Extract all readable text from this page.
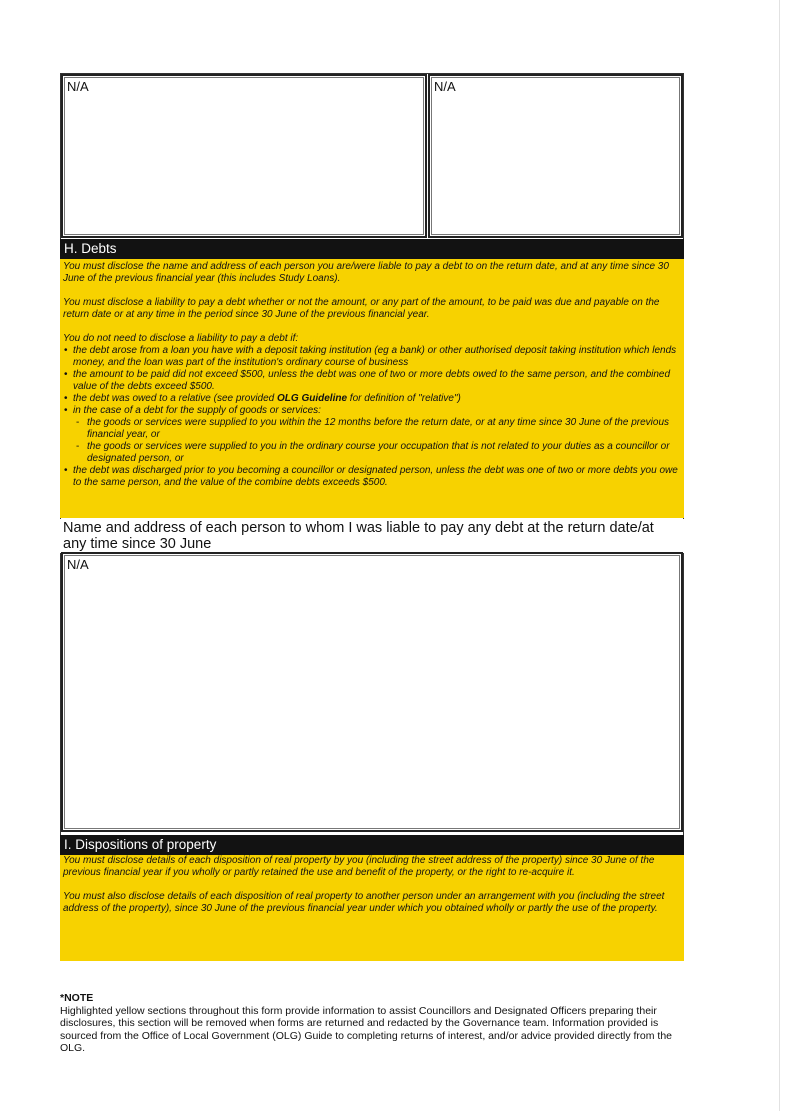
N/A	N/A
H. Debts

You must disclose the name and address of each person you are/were liable to pay a debt to on the return date, and at any time since 30 June of the previous financial year (this includes Study Loans).

You must disclose a liability to pay a debt whether or not the amount, or any part of the amount, to be paid was due and payable on the return date or at any time in the period since 30 June of the previous financial year.

You do not need to disclose a liability to pay a debt if:

• the debt arose from a loan you have with a deposit taking institution (eg a bank) or other authorised deposit taking institution which lends money, and the loan was part of the institution's ordinary course of business
• the amount to be paid did not exceed $500, unless the debt was one of two or more debts owed to the same person, and the combined value of the debts exceed $500.
• the debt was owed to a relative (see provided OLG Guideline for definition of "relative")
• in the case of a debt for the supply of goods or services:
- the goods or services were supplied to you within the 12 months before the return date, or at any time since 30 June of the previous financial year, or
- the goods or services were supplied to you in the ordinary course your occupation that is not related to your duties as a councillor or designated person, or
• the debt was discharged prior to you becoming a councillor or designated person, unless the debt was one of two or more debts you owe to the same person, and the value of the combine debts exceeds $500.
Name and address of each person to whom I was liable to pay any debt at the return date/at any time since 30 June
N/A
I. Dispositions of property

You must disclose details of each disposition of real property by you (including the street address of the property) since 30 June of the previous financial year if you wholly or partly retained the use and benefit of the property, or the right to re-acquire it.

You must also disclose details of each disposition of real property to another person under an arrangement with you (including the street address of the property), since 30 June of the previous financial year under which you obtained wholly or partly the use of the property.

*NOTE
Highlighted yellow sections throughout this form provide information to assist Councillors and Designated Officers preparing their disclosures, this section will be removed when forms are returned and redacted by the Governance team. Information provided is sourced from the Office of Local Government (OLG) Guide to completing returns of interest, and/or advice provided directly from the OLG.
